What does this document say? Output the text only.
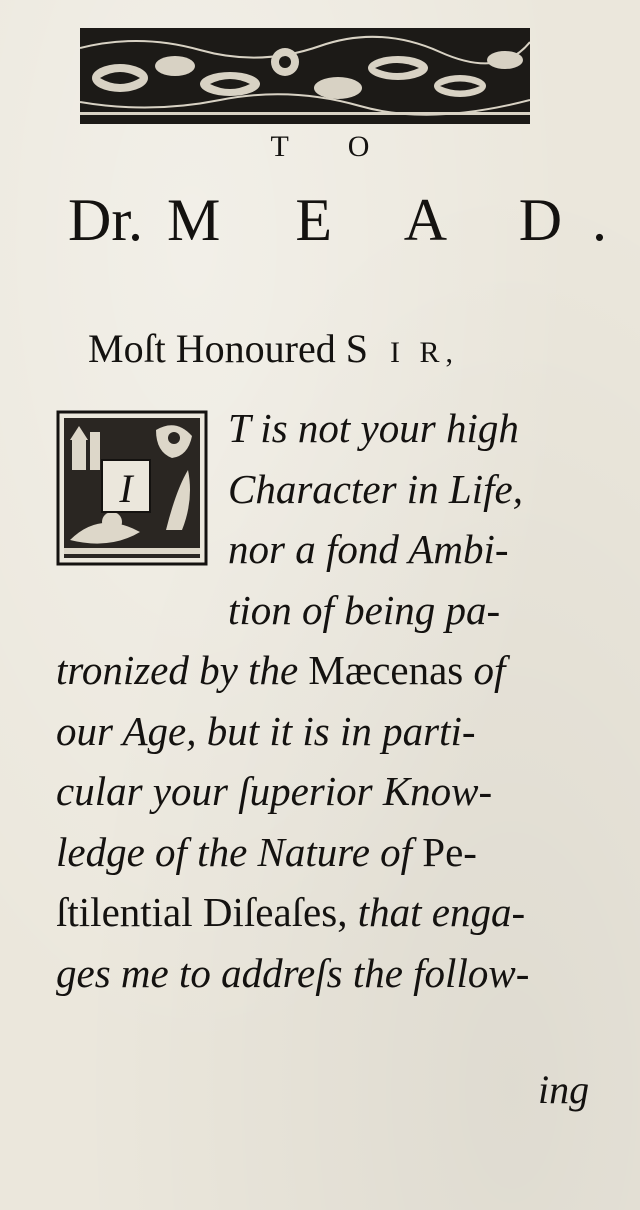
T O
Dr. M E A D.
Moſt Honoured S I R,
I
T is not your high
Character in Life,
nor a fond Ambi-
tion of being pa-
tronized by the Mæcenas of
our Age, but it is in parti-
cular your ſuperior Know-
ledge of the Nature of Pe-
ſtilential Diſeaſes, that enga-
ges me to addreſs the follow-
ing
